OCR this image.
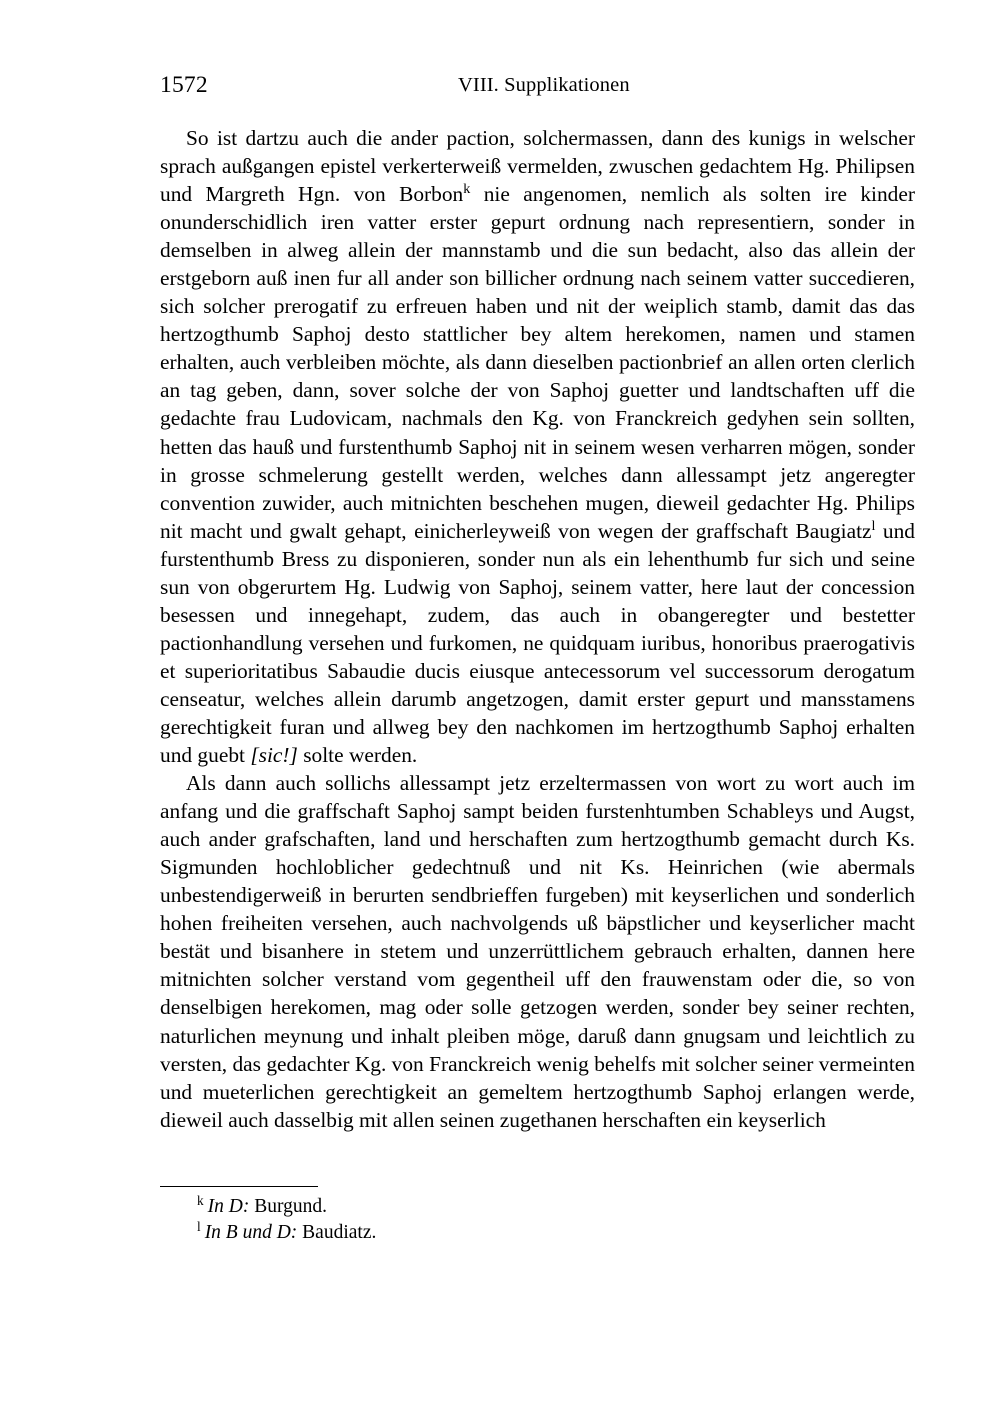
1572	VIII. Supplikationen

So ist dartzu auch die ander paction, solchermassen, dann des kunigs in welscher sprach außgangen epistel verkerterweiß vermelden, zwuschen gedachtem Hg. Philipsen und Margreth Hgn. von Borbon$^k$ nie angenomen, nemlich als solten ire kinder onunderschidlich iren vatter erster gepurt ordnung nach representiern, sonder in demselben in alweg allein der mannstamb und die sun bedacht, also das allein der erstgeborn auß inen fur all ander son billicher ordnung nach seinem vatter succedieren, sich solcher prerogatif zu erfreuen haben und nit der weiplich stamb, damit das das hertzogthumb Saphoj desto stattlicher bey altem herekomen, namen und stamen erhalten, auch verbleiben möchte, als dann dieselben pactionbrief an allen orten clerlich an tag geben, dann, sover solche der von Saphoj guetter und landtschaften uff die gedachte frau Ludovicam, nachmals den Kg. von Franckreich gedyhen sein sollten, hetten das hauß und furstenthumb Saphoj nit in seinem wesen verharren mögen, sonder in grosse schmelerung gestellt werden, welches dann allessampt jetz angeregter convention zuwider, auch mitnichten beschehen mugen, dieweil gedachter Hg. Philips nit macht und gwalt gehapt, einicherleyweiß von wegen der graffschaft Baugiatz$^l$ und furstenthumb Bress zu disponieren, sonder nun als ein lehenthumb fur sich und seine sun von obgerurtem Hg. Ludwig von Saphoj, seinem vatter, here laut der concession besessen und innegehapt, zudem, das auch in obangeregter und bestetter pactionhandlung versehen und furkomen, ne quidquam iuribus, honoribus praerogativis et superioritatibus Sabaudie ducis eiusque antecessorum vel successorum derogatum censeatur, welches allein darumb angetzogen, damit erster gepurt und mansstamens gerechtigkeit furan und allweg bey den nachkomen im hertzogthumb Saphoj erhalten und guebt [sic!] solte werden.

Als dann auch sollichs allessampt jetz erzeltermassen von wort zu wort auch im anfang und die graffschaft Saphoj sampt beiden furstenhtumben Schableys und Augst, auch ander grafschaften, land und herschaften zum hertzogthumb gemacht durch Ks. Sigmunden hochloblicher gedechtnuß und nit Ks. Heinrichen (wie abermals unbestendigerweiß in berurten sendbrieffen furgeben) mit keyserlichen und sonderlich hohen freiheiten versehen, auch nachvolgends uß bäpstlicher und keyserlicher macht bestät und bisanhere in stetem und unzerrüttlichem gebrauch erhalten, dannen here mitnichten solcher verstand vom gegentheil uff den frauwenstam oder die, so von denselbigen herekomen, mag oder solle getzogen werden, sonder bey seiner rechten, naturlichen meynung und inhalt pleiben möge, daruß dann gnugsam und leichtlich zu versten, das gedachter Kg. von Franckreich wenig behelfs mit solcher seiner vermeinten und mueterlichen gerechtigkeit an gemeltem hertzogthumb Saphoj erlangen werde, dieweil auch dasselbig mit allen seinen zugethanen herschaften ein keyserlich

$^k$ In D: Burgund.
$^l$ In B und D: Baudiatz.
